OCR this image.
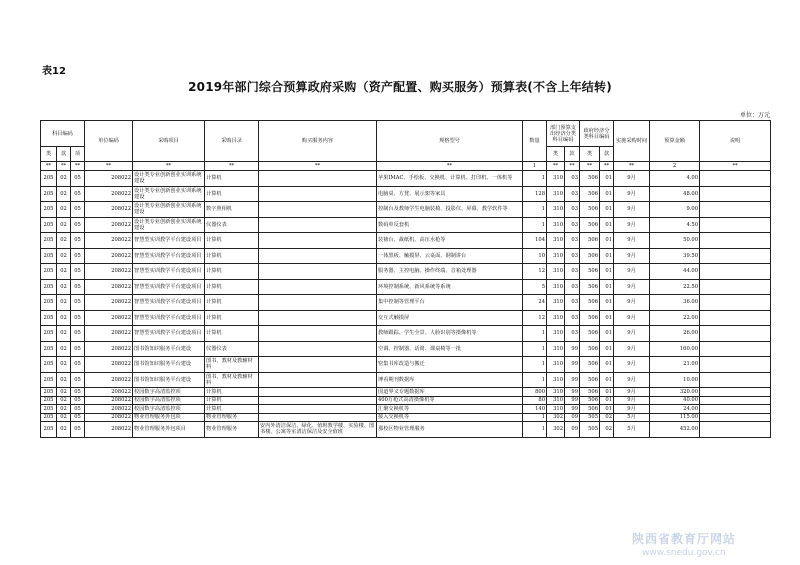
表12
2019年部门综合预算政府采购（资产配置、购买服务）预算表(不含上年结转)
单位：万元
科目编码			单位编码	采购项目	采购目录	购买服务内容	规格型号	数量	部门预算支出经济分类科目编码		政府经济分类科目编码		实施采购时间	预算金额	说明
类	款	项							类	款	类	款			
**	**	**	**	**	**	**	**	1	**	**	**	**	**	2	**
205	02	05	208022	设计类专业创新创业实训系统建设	计算机		苹果IMAC、手绘板、交换机、计算机、打印机、一体机等	1	310	03	506	01	9月	4.00	
205	02	05	208022	设计类专业创新创业实训系统建设	计算机		电脑桌、方凳、展示架等家具	128	310	03	506	01	9月	48.00	
205	02	05	208022	设计类专业创新创业实训系统建设	数字照相机		控制台及教师学生电脑装椅、投影仪、屏幕、教学软件等	1	310	03	506	01	9月	9.00	
205	02	05	208022	设计类专业创新创业实训系统建设	仪器仪表		数码单反套机	1	310	03	506	01	9月	4.50	
205	02	05	208022	智慧型实训教学平台建设项目	计算机		装裱台、裁纸机、高压水枪等	104	310	03	506	01	9月	50.00	
205	02	05	208022	智慧型实训教学平台建设项目	计算机		一体黑板、触摸屏、云桌面、钢制讲台	10	310	03	506	01	9月	39.50	
205	02	05	208022	智慧型实训教学平台建设项目	计算机		服务器、主控电脑、操作终端、音箱处理器	12	310	03	506	01	9月	44.00	
205	02	05	208022	智慧型实训教学平台建设项目	计算机		环境控制系统、新风系统等系统	5	310	03	506	01	9月	22.50	
205	02	05	208022	智慧型实训教学平台建设项目	计算机		集中控制等管理平台	24	310	03	506	01	9月	36.00	
205	02	05	208022	智慧型实训教学平台建设项目	计算机		交互式触摸屏	12	310	03	506	01	9月	22.00	
205	02	05	208022	智慧型实训教学平台建设项目	计算机		教师跟踪、学生全景、人脸识别等摄像机等	1	310	03	506	01	9月	26.00	
205	02	05	208022	图书馆知识服务平台建设	仪器仪表		空调、控制器、话筒、课桌椅等一批	1	310	99	506	01	9月	160.00	
205	02	05	208022	图书馆知识服务平台建设	图书、教材及教辅材料		密集书库改造与搬迁	1	310	99	506	01	9月	21.00	
205	02	05	208022	图书馆知识服务平台建设	图书、教材及教辅材料		博看期刊数据库	1	310	99	506	01	9月	10.00	
205	02	05	208022	校园数字高清监控项	计算机		国道界义专题数据库	800	310	99	506	01	9月	320.00	
205	02	05	208022	校园数字高清监控项	计算机		400万枪式高清摄像机等	80	310	99	506	01	9月	40.00	
205	02	05	208022	校园数字高清监控项	计算机		汇聚交换机等	140	310	99	506	01	9月	24.00	
205	02	05	208022	物业管理服务外包项	物业管理服务		接入交换机等	1	302	09	505	02	5月	115.00	
205	02	05	208022	物业管理服务外包项目	物业管理服务	安内外清洁保洁、绿化、值班教学楼、实验楼、图书楼、公寓等室清洁保洁及安全值班	那校区物业管理服务	1	302	09	505	02	5月	452.00	
陕西省教育厅网站
www.snedu.gov.cn
